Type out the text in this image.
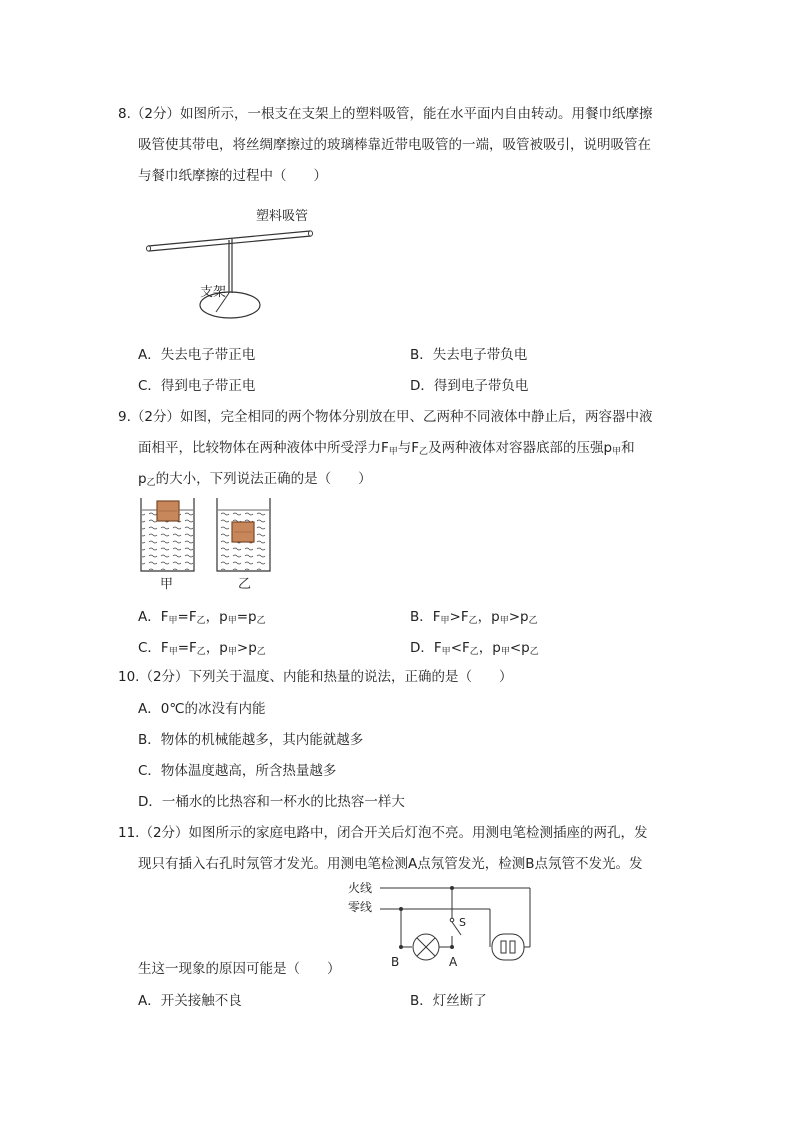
8.（2分）如图所示，一根支在支架上的塑料吸管，能在水平面内自由转动。用餐巾纸摩擦
吸管使其带电，将丝绸摩擦过的玻璃棒靠近带电吸管的一端，吸管被吸引，说明吸管在
与餐巾纸摩擦的过程中（　　）
塑料吸管
支架
A．失去电子带正电	B．失去电子带负电
C．得到电子带正电	D．得到电子带负电
9.（2分）如图，完全相同的两个物体分别放在甲、乙两种不同液体中静止后，两容器中液
面相平，比较物体在两种液体中所受浮力$F_甲$与$F_乙$及两种液体对容器底部的压强$p_甲$和
$p_乙$的大小，下列说法正确的是（　　）
甲	乙
A．$F_甲=F_乙$，$p_甲=p_乙$	B．$F_甲>F_乙$，$p_甲>p_乙$
C．$F_甲=F_乙$，$p_甲>p_乙$	D．$F_甲<F_乙$，$p_甲<p_乙$
10.（2分）下列关于温度、内能和热量的说法，正确的是（　　）
A．0℃的冰没有内能
B．物体的机械能越多，其内能就越多
C．物体温度越高，所含热量越多
D．一桶水的比热容和一杯水的比热容一样大
11.（2分）如图所示的家庭电路中，闭合开关后灯泡不亮。用测电笔检测插座的两孔，发
现只有插入右孔时氖管才发光。用测电笔检测A点氖管发光，检测B点氖管不发光。发
火线
零线
S
B	A
生这一现象的原因可能是（　　）
A．开关接触不良	B．灯丝断了
